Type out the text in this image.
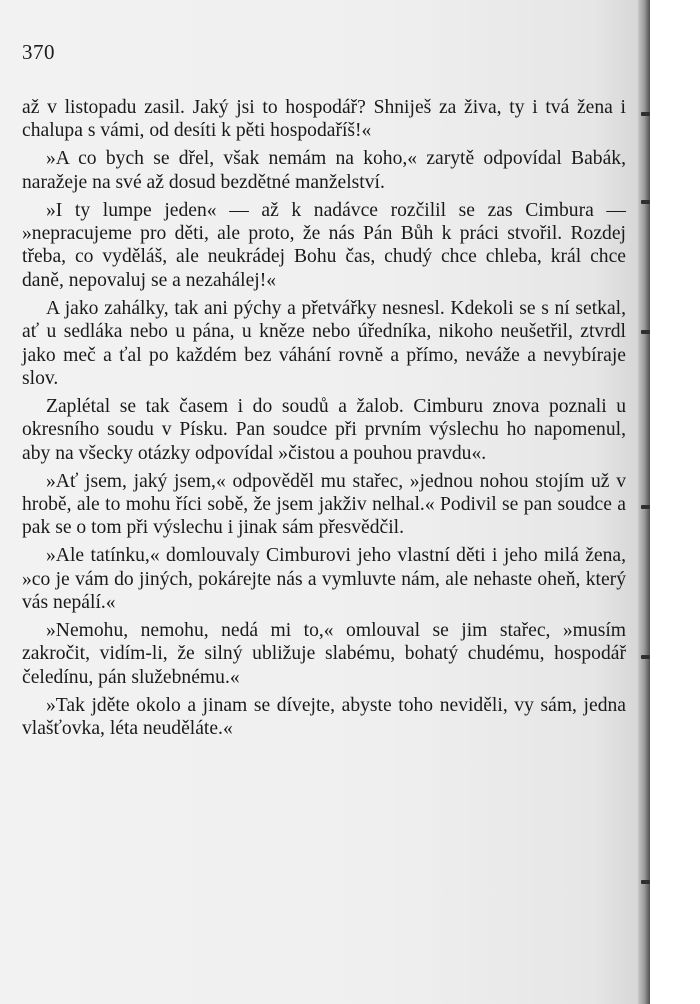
370

až v listopadu zasil. Jaký jsi to hospodář? Shniješ za živa, ty i tvá žena i chalupa s vámi, od desíti k pěti hospodaříš!«

»A co bych se dřel, však nemám na koho,« zarytě odpovídal Babák, naražeje na své až dosud bezdětné manželství.

»I ty lumpe jeden« — až k nadávce rozčilil se zas Cimbura — »nepracujeme pro děti, ale proto, že nás Pán Bůh k práci stvořil. Rozdej třeba, co vyděláš, ale neukrádej Bohu čas, chudý chce chleba, král chce daně, nepovaluj se a nezahálej!«

A jako zahálky, tak ani pýchy a přetvářky nesnesl. Kdekoli se s ní setkal, ať u sedláka nebo u pána, u kněze nebo úředníka, nikoho neušetřil, ztvrdl jako meč a ťal po každém bez váhání rovně a přímo, neváže a nevybíraje slov.

Zaplétal se tak časem i do soudů a žalob. Cimburu znova poznali u okresního soudu v Písku. Pan soudce při prvním výslechu ho napomenul, aby na všecky otázky odpovídal »čistou a pouhou pravdu«.

»Ať jsem, jaký jsem,« odpověděl mu stařec, »jednou nohou stojím už v hrobě, ale to mohu říci sobě, že jsem jakživ nelhal.« Podivil se pan soudce a pak se o tom při výslechu i jinak sám přesvědčil.

»Ale tatínku,« domlouvaly Cimburovi jeho vlastní děti i jeho milá žena, »co je vám do jiných, pokárejte nás a vymluvte nám, ale nehaste oheň, který vás nepálí.«

»Nemohu, nemohu, nedá mi to,« omlouval se jim stařec, »musím zakročit, vidím-li, že silný ubližuje slabému, bohatý chudému, hospodář čeledínu, pán služebnému.«

»Tak jděte okolo a jinam se dívejte, abyste toho neviděli, vy sám, jedna vlašťovka, léta neuděláte.«
